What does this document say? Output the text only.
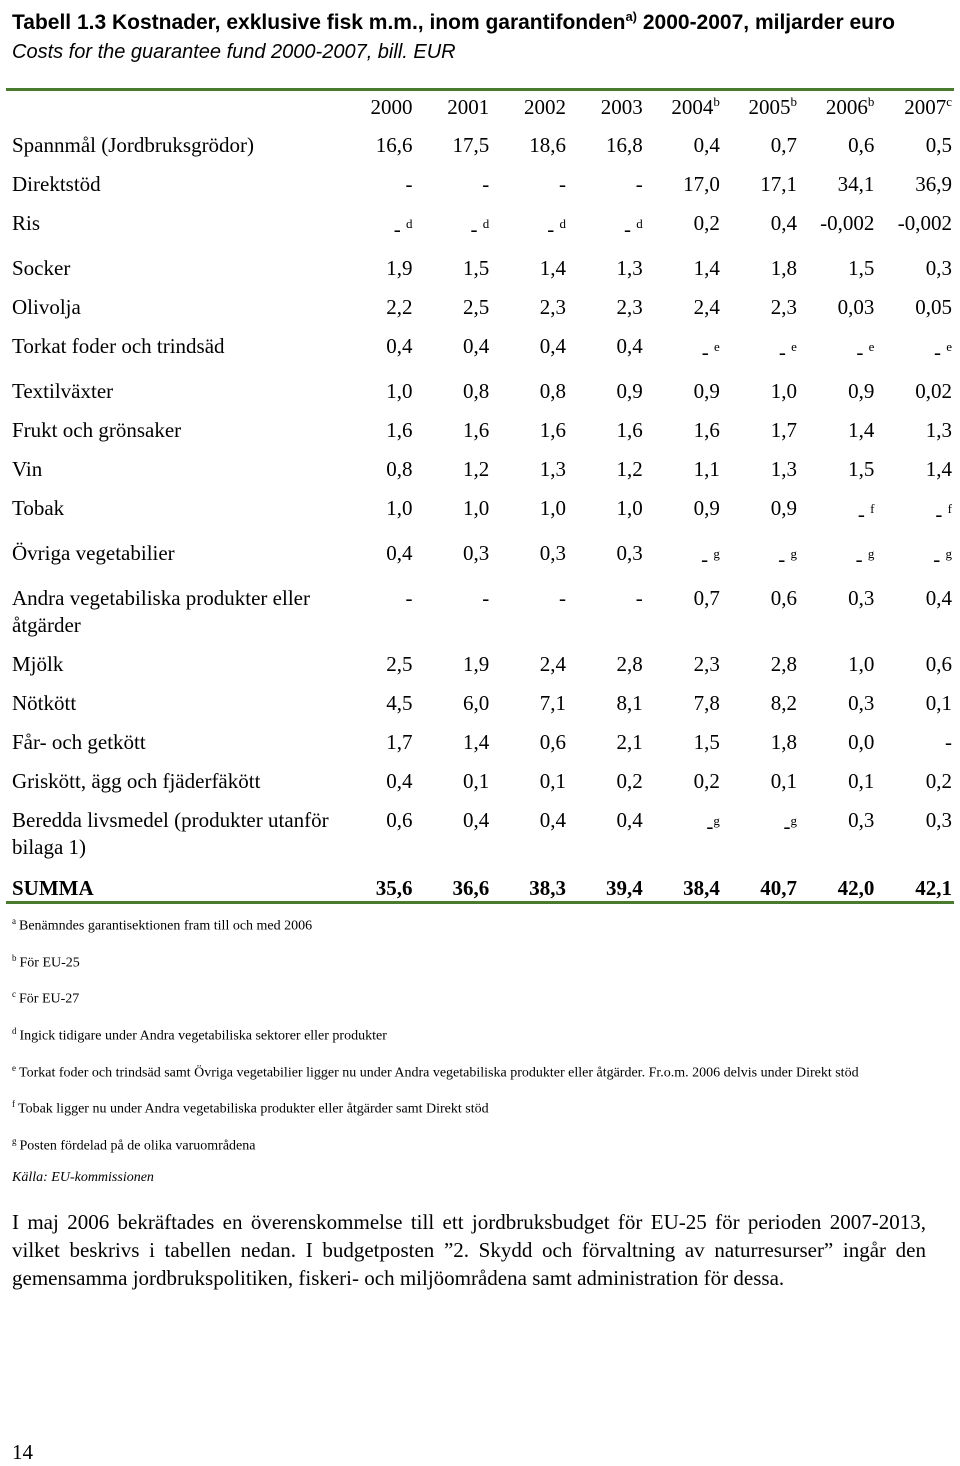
Tabell 1.3 Kostnader, exklusive fisk m.m., inom garantifonden$^{a)}$ 2000-2007, miljarder euro
Costs for the guarantee fund 2000-2007, bill. EUR
	2000	2001	2002	2003	2004$^b$	2005$^b$	2006$^b$	2007$^c$
Spannmål (Jordbruksgrödor)	16,6	17,5	18,6	16,8	0,4	0,7	0,6	0,5
Direktstöd	-	-	-	-	17,0	17,1	34,1	36,9
Ris	- $^d$	- $^d$	- $^d$	- $^d$	0,2	0,4	-0,002	-0,002
Socker	1,9	1,5	1,4	1,3	1,4	1,8	1,5	0,3
Olivolja	2,2	2,5	2,3	2,3	2,4	2,3	0,03	0,05
Torkat foder och trindsäd	0,4	0,4	0,4	0,4	- $^e$	- $^e$	- $^e$	- $^e$
Textilväxter	1,0	0,8	0,8	0,9	0,9	1,0	0,9	0,02
Frukt och grönsaker	1,6	1,6	1,6	1,6	1,6	1,7	1,4	1,3
Vin	0,8	1,2	1,3	1,2	1,1	1,3	1,5	1,4
Tobak	1,0	1,0	1,0	1,0	0,9	0,9	- $^f$	- $^f$
Övriga vegetabilier	0,4	0,3	0,3	0,3	- $^g$	- $^g$	- $^g$	- $^g$
Andra vegetabiliska produkter eller åtgärder	-	-	-	-	0,7	0,6	0,3	0,4
Mjölk	2,5	1,9	2,4	2,8	2,3	2,8	1,0	0,6
Nötkött	4,5	6,0	7,1	8,1	7,8	8,2	0,3	0,1
Får- och getkött	1,7	1,4	0,6	2,1	1,5	1,8	0,0	-
Griskött, ägg och fjäderfäkött	0,4	0,1	0,1	0,2	0,2	0,1	0,1	0,2
Beredda livsmedel (produkter utanför bilaga 1)	0,6	0,4	0,4	0,4	-$^g$	-$^g$	0,3	0,3
SUMMA	35,6	36,6	38,3	39,4	38,4	40,7	42,0	42,1
$^a$ Benämndes garantisektionen fram till och med 2006
$^b$ För EU-25
$^c$ För EU-27
$^d$ Ingick tidigare under Andra vegetabiliska sektorer eller produkter
$^e$ Torkat foder och trindsäd samt Övriga vegetabilier ligger nu under Andra vegetabiliska produkter eller åtgärder. Fr.o.m. 2006 delvis under Direkt stöd
$^f$ Tobak ligger nu under Andra vegetabiliska produkter eller åtgärder samt Direkt stöd
$^g$ Posten fördelad på de olika varuområdena
Källa: EU-kommissionen
I maj 2006 bekräftades en överenskommelse till ett jordbruksbudget för EU-25 för perioden 2007-2013, vilket beskrivs i tabellen nedan. I budgetposten ”2. Skydd och förvaltning av naturresurser” ingår den gemensamma jordbrukspolitiken, fiskeri- och miljöområdena samt administration för dessa.
14
